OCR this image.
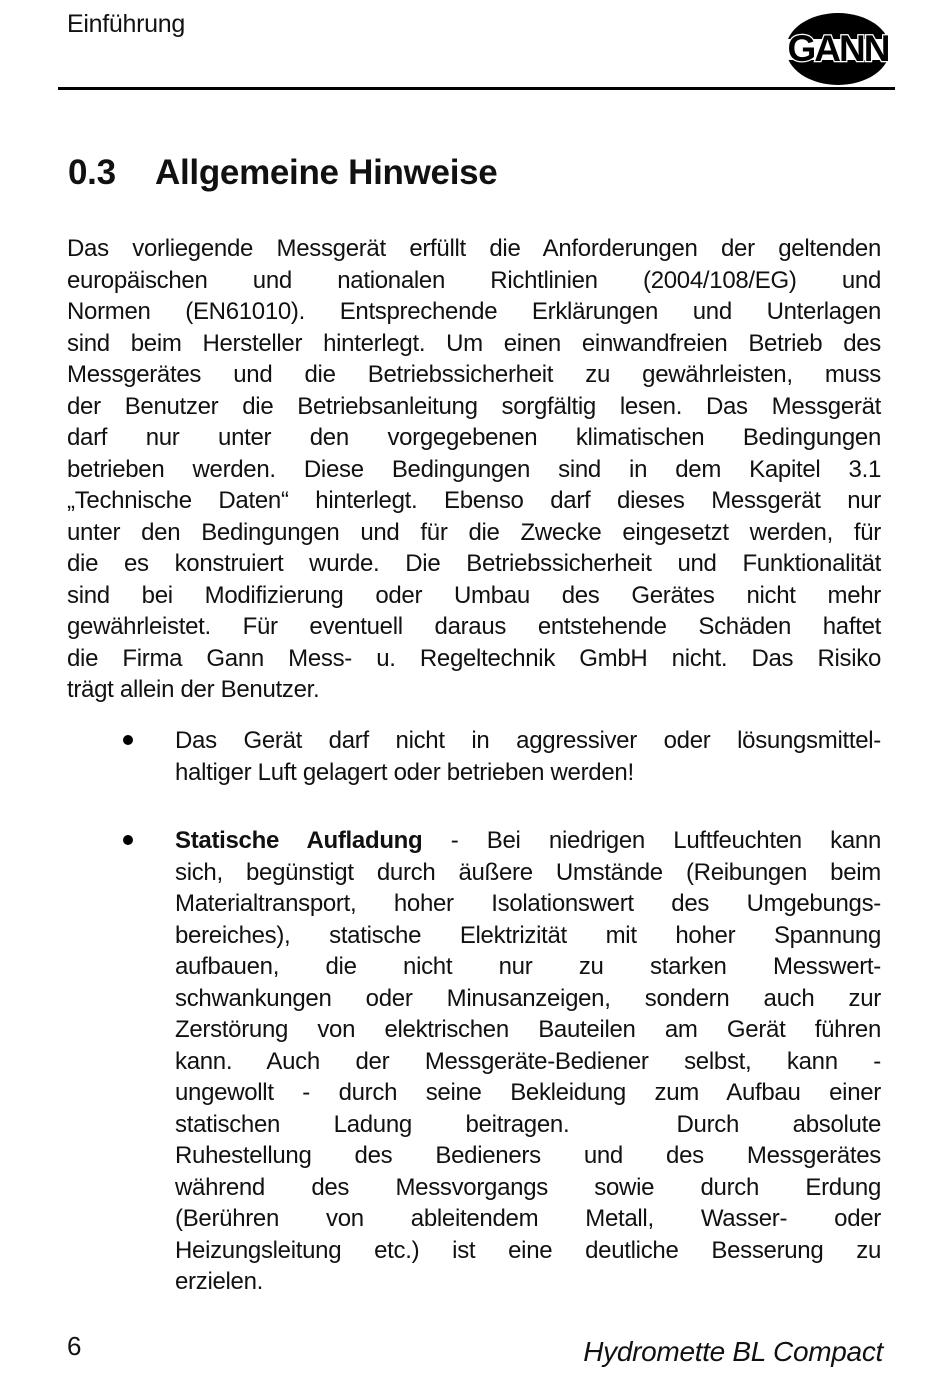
Einführung
GANN
0.3	Allgemeine Hinweise
Das vorliegende Messgerät erfüllt die Anforderungen der geltenden
europäischen und nationalen Richtlinien (2004/108/EG) und
Normen (EN61010). Entsprechende Erklärungen und Unterlagen
sind beim Hersteller hinterlegt. Um einen einwandfreien Betrieb des
Messgerätes und die Betriebssicherheit zu gewährleisten, muss
der Benutzer die Betriebsanleitung sorgfältig lesen. Das Messgerät
darf nur unter den vorgegebenen klimatischen Bedingungen
betrieben werden. Diese Bedingungen sind in dem Kapitel 3.1
„Technische Daten“ hinterlegt. Ebenso darf dieses Messgerät nur
unter den Bedingungen und für die Zwecke eingesetzt werden, für
die es konstruiert wurde. Die Betriebssicherheit und Funktionalität
sind bei Modifizierung oder Umbau des Gerätes nicht mehr
gewährleistet. Für eventuell daraus entstehende Schäden haftet
die Firma Gann Mess- u. Regeltechnik GmbH nicht. Das Risiko
trägt allein der Benutzer.
Das Gerät darf nicht in aggressiver oder lösungsmittel-
haltiger Luft gelagert oder betrieben werden!
Statische Aufladung - Bei niedrigen Luftfeuchten kann
sich, begünstigt durch äußere Umstände (Reibungen beim
Materialtransport, hoher Isolationswert des Umgebungs-
bereiches), statische Elektrizität mit hoher Spannung
aufbauen, die nicht nur zu starken Messwert-
schwankungen oder Minusanzeigen, sondern auch zur
Zerstörung von elektrischen Bauteilen am Gerät führen
kann. Auch der Messgeräte-Bediener selbst, kann -
ungewollt - durch seine Bekleidung zum Aufbau einer
statischen Ladung beitragen.  Durch absolute
Ruhestellung des Bedieners und des Messgerätes
während des Messvorgangs sowie durch Erdung
(Berühren von ableitendem Metall, Wasser- oder
Heizungsleitung etc.) ist eine deutliche Besserung zu
erzielen.
6	Hydromette BL Compact
